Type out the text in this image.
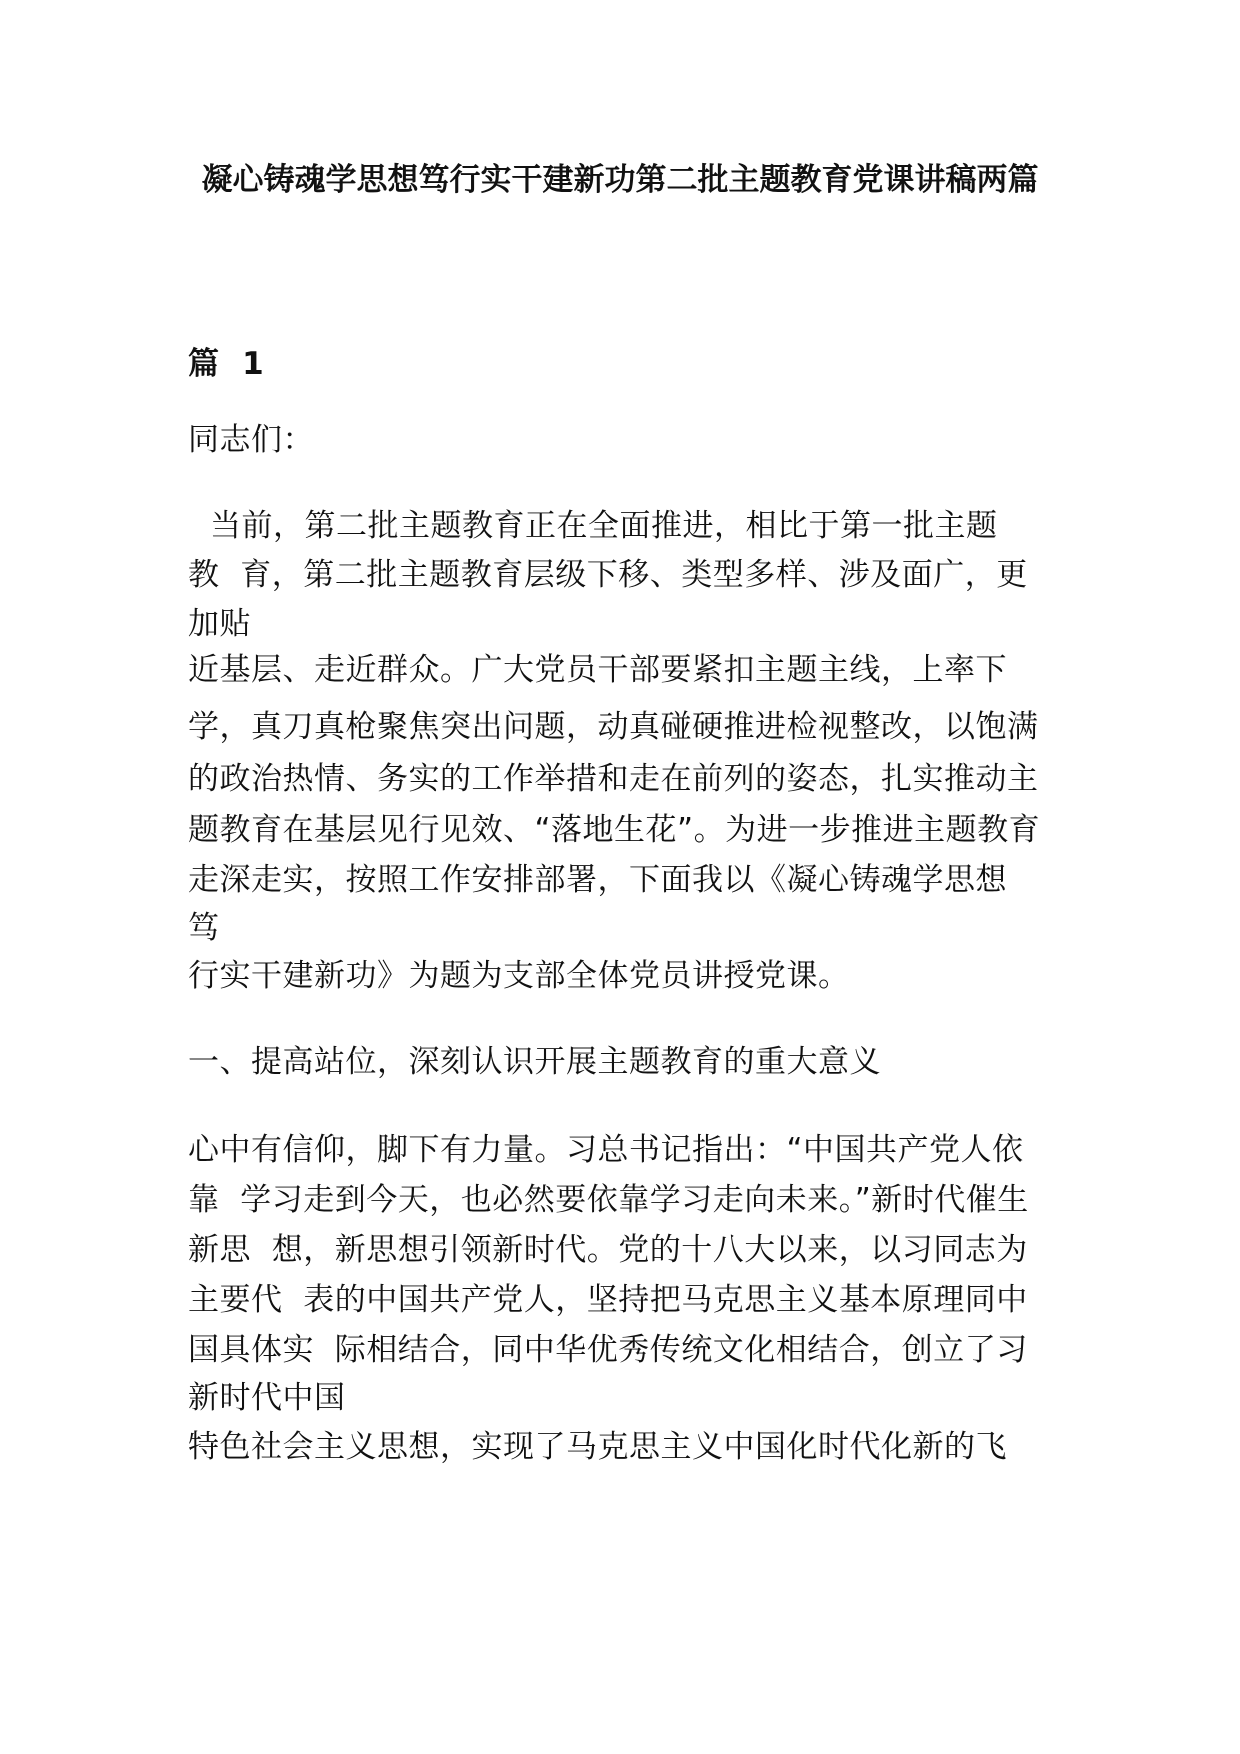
凝心铸魂学思想笃行实干建新功第二批主题教育党课讲稿两篇
篇  1
同志们：
当前，第二批主题教育正在全面推进，相比于第一批主题
教  育，第二批主题教育层级下移、类型多样、涉及面广，更
加贴
近基层、走近群众。广大党员干部要紧扣主题主线，上率下
学，真刀真枪聚焦突出问题，动真碰硬推进检视整改，以饱满
的政治热情、务实的工作举措和走在前列的姿态，扎实推动主
题教育在基层见行见效、“落地生花”。为进一步推进主题教育
走深走实，按照工作安排部署，下面我以《凝心铸魂学思想
笃
行实干建新功》为题为支部全体党员讲授党课。
一、提高站位，深刻认识开展主题教育的重大意义
心中有信仰，脚下有力量。习总书记指出：“中国共产党人依
靠  学习走到今天，也必然要依靠学习走向未来。”新时代催生
新思  想，新思想引领新时代。党的十八大以来，以习同志为
主要代  表的中国共产党人，坚持把马克思主义基本原理同中
国具体实  际相结合，同中华优秀传统文化相结合，创立了习
新时代中国
特色社会主义思想，实现了马克思主义中国化时代化新的飞
